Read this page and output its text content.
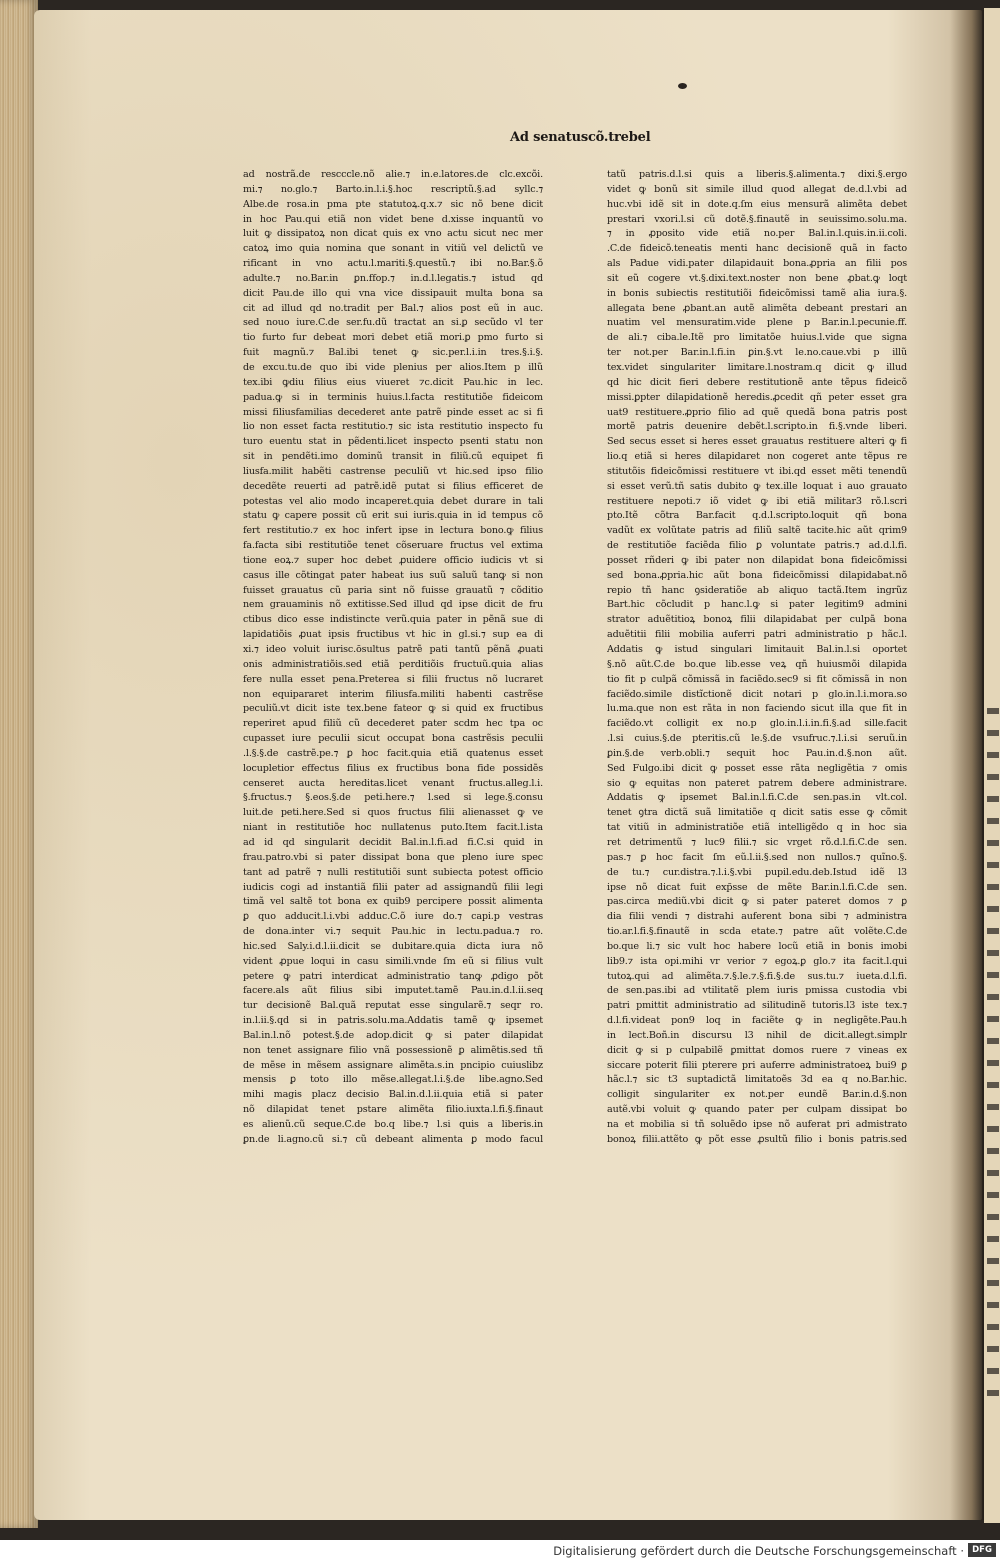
Ad senatuscõ.trebel
ad nostrã.de rescccle.nõ alie.⁊ in.e.latores.de clc.excõi.
mi.⁊ no.glo.⁊ Barto.in.l.i.§.hoc rescriptũ.§.ad syllc.⁊
Albe.de rosa.in pma pte statutoꝝ.q.x.⁊ sic nõ bene dicit
in hoc Pau.qui etiã non videt bene d.xisse inquantũ vo
luit ꝙ dissipatoꝝ non dicat quis ex vno actu sicut nec mer
catoꝝ imo quia nomina que sonant in vitiũ vel delictũ ve
rificant in vno actu.l.mariti.§.questũ.⁊ ibi no.Bar.§.õ
adulte.⁊ no.Bar.in ꝑn.ffop.⁊ in.d.l.legatis.⁊ istud qd
dicit Pau.de illo qui vna vice dissipauit multa bona sa
cit ad illud qd no.tradit per Bal.⁊ alios post eũ in auc.
sed nouo iure.C.de ser.fu.dũ tractat an si.ꝑ secũdo vl ter
tio furto fur debeat mori debet etiã mori.ꝑ pmo furto si
fuit magnũ.⁊ Bal.ibi tenet ꝙ sic.per.l.i.in tres.§.i.§.
de excu.tu.de quo ibi vide plenius per alios.Item p illũ
tex.ibi ꝙdiu filius eius viueret ⁊c.dicit Pau.hic in lec.
padua.ꝙ si in terminis huius.l.facta restitutiõe fideicom
missi filiusfamilias decederet ante patrẽ pinde esset ac si fi
lio non esset facta restitutio.⁊ sic ista restitutio inspecto fu
turo euentu stat in pẽdenti.licet inspecto psenti statu non
sit in pendẽti.imo dominũ transit in filiũ.cũ equipet fi
liusfa.milit habẽti castrense peculiũ vt hic.sed ipso filio
decedẽte reuerti ad patrẽ.idẽ putat si filius efficeret de
potestas vel alio modo incaperet.quia debet durare in tali
statu ꝙ capere possit cũ erit sui iuris.quia in id tempus cõ
fert restitutio.⁊ ex hoc infert ipse in lectura bono.ꝙ filius
fa.facta sibi restitutiõe tenet cõseruare fructus vel extima
tione eoꝝ.⁊ super hoc debet ꝓuidere officio iudicis vt si
casus ille cõtingat pater habeat ius suũ saluũ tanꝙ si non
fuisset grauatus cũ paria sint nõ fuisse grauatũ ⁊ cõditio
nem grauaminis nõ extitisse.Sed illud qd ipse dicit de fru
ctibus dico esse indistincte verũ.quia pater in pẽnã sue di
lapidatiõis ꝓuat ipsis fructibus vt hic in gl.si.⁊ sup ea di
xi.⁊ ideo voluit iurisc.ōsultus patrẽ pati tantũ pẽnã ꝓuati
onis administratiõis.sed etiã perditiõis fructuũ.quia alias
fere nulla esset pena.Preterea si filii fructus nõ lucraret
non equipararet interim filiusfa.militi habenti castrẽse
peculiũ.vt dicit iste tex.bene fateor ꝙ si quid ex fructibus
reperiret apud filiũ cũ decederet pater scdm hec tpa oc
cupasset iure peculii sicut occupat bona castrẽsis peculii
.l.§.§.de castrẽ.pe.⁊ ꝑ hoc facit.quia etiã quatenus esset
locupletior effectus filius ex fructibus bona fide possidẽs
censeret aucta hereditas.licet venant fructus.alleg.l.i.
§.fructus.⁊ §.eos.§.de peti.here.⁊ l.sed si lege.§.consu
luit.de peti.here.Sed si quos fructus filii alienasset ꝙ ve
niant in restitutiõe hoc nullatenus puto.Item facit.l.ista
ad id qd singularit decidit Bal.in.l.fi.ad fi.C.si quid in
frau.patro.vbi si pater dissipat bona que pleno iure spec
tant ad patrẽ ⁊ nulli restitutiõi sunt subiecta potest officio
iudicis cogi ad instantiã filii pater ad assignandũ filii legi
timã vel saltẽ tot bona ex quib9 percipere possit alimenta
ꝑ quo adducit.l.i.vbi adduc.C.õ iure do.⁊ capi.p vestras
de dona.inter vi.⁊ sequit Pau.hic in lectu.padua.⁊ ro.
hic.sed Saly.i.d.l.ii.dicit se dubitare.quia dicta iura nõ
vident ꝓpue loqui in casu simili.vnde ſm eũ si filius vult
petere ꝙ patri interdicat administratio tanꝙ ꝓdigo põt
facere.als aũt filius sibi imputet.tamẽ Pau.in.d.l.ii.seq
tur decisionẽ Bal.quã reputat esse singularẽ.⁊ seqr ro.
in.l.ii.§.qd si in patris.solu.ma.Addatis tamẽ ꝙ ipsemet
Bal.in.l.nõ potest.§.de adop.dicit ꝙ si pater dilapidat
non tenet assignare filio vnã possessionẽ ꝑ alimẽtis.sed tñ
de mẽse in mẽsem assignare alimẽta.s.in pncipio cuiuslibz
mensis ꝑ toto illo mẽse.allegat.l.i.§.de libe.agno.Sed
mihi magis placz decisio Bal.in.d.l.ii.quia etiã si pater
nõ dilapidat tenet pstare alimẽta filio.iuxta.l.fi.§.finaut
es alienũ.cũ seque.C.de bo.q libe.⁊ l.si quis a liberis.in
ꝑn.de li.agno.cũ si.⁊ cũ debeant alimenta ꝑ modo facul
tatũ patris.d.l.si quis a liberis.§.alimenta.⁊ dixi.§.ergo
videt ꝙ bonũ sit simile illud quod allegat de.d.l.vbi ad
huc.vbi idẽ sit in dote.q.ſm eius mensurã alimẽta debet
prestari vxori.l.si cũ dotẽ.§.finautẽ in seuissimo.solu.ma.
⁊ in ꝓposito vide etiã no.per Bal.in.l.quis.in.ii.coli.
.C.de fideicõ.teneatis menti hanc decisionẽ quã in facto
als Padue vidi.pater dilapidauit bona.ꝓpria an filii pos
sit eũ cogere vt.§.dixi.text.noster non bene ꝓbat.ꝙ loqt
in bonis subiectis restitutiõi fideicõmissi tamẽ alia iura.§.
allegata bene ꝓbant.an autẽ alimẽta debeant prestari an
nuatim vel mensuratim.vide plene p Bar.in.l.pecunie.ff.
de ali.⁊ ciba.le.Itẽ pro limitatõe huius.l.vide que signa
ter not.per Bar.in.l.fi.in ꝑin.§.vt le.no.caue.vbi p illũ
tex.videt singulariter limitare.l.nostram.q dicit ꝙ illud
qd hic dicit fieri debere restitutionẽ ante tẽpus fideicõ
missi.ꝑpter dilapidationẽ heredis.ꝓcedit qñ peter esset gra
uat9 restituere.ꝓprio filio ad quẽ quedã bona patris post
mortẽ patris deuenire debẽt.l.scripto.in fi.§.vnde liberi.
Sed secus esset si heres esset grauatus restituere alteri ꝙ fi
lio.q etiã si heres dilapidaret non cogeret ante tẽpus re
stitutõis fideicõmissi restituere vt ibi.qd esset mẽti tenendũ
si esset verũ.tñ satis dubito ꝙ tex.ille loquat i auo grauato
restituere nepoti.⁊ iõ videt ꝙ ibi etiã militar3 rõ.l.scri
pto.Itẽ cõtra Bar.facit q.d.l.scripto.loquit qñ bona
vadũt ex volũtate patris ad filiũ saltẽ tacite.hic aũt qrim9
de restitutiõe faciẽda filio ꝑ voluntate patris.⁊ ad.d.l.fi.
posset rñderi ꝙ ibi pater non dilapidat bona fideicõmissi
sed bona.ꝓpria.hic aũt bona fideicõmissi dilapidabat.nõ
repio tñ hanc ꝯsideratiõe ab aliquo tactã.Item ingrũz
Bart.hic cõcludit p hanc.l.ꝙ si pater legitim9 admini
strator aduẽtitioꝝ bonoꝝ filii dilapidabat per culpã bona
aduẽtitii filii mobilia auferri patri administratio p hãc.l.
Addatis ꝙ istud singulari limitauit Bal.in.l.si oportet
§.nõ aũt.C.de bo.que lib.esse veꝝ qñ huiusmõi dilapida
tio fit p culpã cõmissã in faciẽdo.sec9 si fit cõmissã in non
faciẽdo.simile distĩctionẽ dicit notari p glo.in.l.i.mora.so
lu.ma.que non est rãta in non faciendo sicut illa que fit in
faciẽdo.vt colligit ex no.p glo.in.l.i.in.fi.§.ad sille.facit
.l.si cuius.§.de pteritis.cũ le.§.de vsufruc.⁊.l.i.si seruũ.in
ꝑin.§.de verb.obli.⁊ sequit hoc Pau.in.d.§.non aũt.
Sed Fulgo.ibi dicit ꝙ posset esse rãta negligẽtia ⁊ omis
sio ꝙ equitas non pateret patrem debere administrare.
Addatis ꝙ ipsemet Bal.in.l.fi.C.de sen.pas.in vlt.col.
tenet ꝯtra dictã suã limitatiõe q dicit satis esse ꝙ cõmit
tat vitiũ in administratiõe etiã intelligẽdo q in hoc sia
ret detrimentũ ⁊ luc9 filii.⁊ sic vrget rõ.d.l.fi.C.de sen.
pas.⁊ ꝑ hoc facit ſm eũ.l.ii.§.sed non nullos.⁊ quĩno.§.
de tu.⁊ cur.distra.⁊.l.i.§.vbi pupil.edu.deb.Istud idẽ l3
ipse nõ dicat fuit exp̃sse de mẽte Bar.in.l.fi.C.de sen.
pas.circa mediũ.vbi dicit ꝙ si pater pateret domos ⁊ ꝑ
dia filii vendi ⁊ distrahi auferent bona sibi ⁊ administra
tio.ar.l.fi.§.finautẽ in scda etate.⁊ patre aũt volẽte.C.de
bo.que li.⁊ sic vult hoc habere locũ etiã in bonis imobi
lib9.⁊ ista opi.mihi vr verior ⁊ egoꝝ.ꝑ glo.⁊ ita facit.l.qui
tutoꝝ.qui ad alimẽta.⁊.§.le.⁊.§.fi.§.de sus.tu.⁊ iueta.d.l.fi.
de sen.pas.ibi ad vtilitatẽ plem iuris pmissa custodia vbi
patri pmittit administratio ad silitudinẽ tutoris.l3 iste tex.⁊
d.l.fi.videat pon9 loq in faciẽte ꝙ in negligẽte.Pau.h
in lect.Boñ.in discursu l3 nihil de dicit.allegt.simplr
dicit ꝙ si p culpabilẽ ꝑmittat domos ruere ⁊ vineas ex
siccare poterit filii pterere pri auferre administratoeꝝ bui9 ꝑ
hãc.l.⁊ sic t3 suptadictã limitatoẽs 3d ea q no.Bar.hic.
colligit singulariter ex not.per eundẽ Bar.in.d.§.non
autẽ.vbi voluit ꝙ quando pater per culpam dissipat bo
na et mobilia si tñ soluẽdo ipse nõ auferat pri admistrato
bonoꝝ filii.attẽto ꝙ põt esse ꝓsultũ filio i bonis patris.sed
Digitalisierung gefördert durch die Deutsche Forschungsgemeinschaft · DFG
